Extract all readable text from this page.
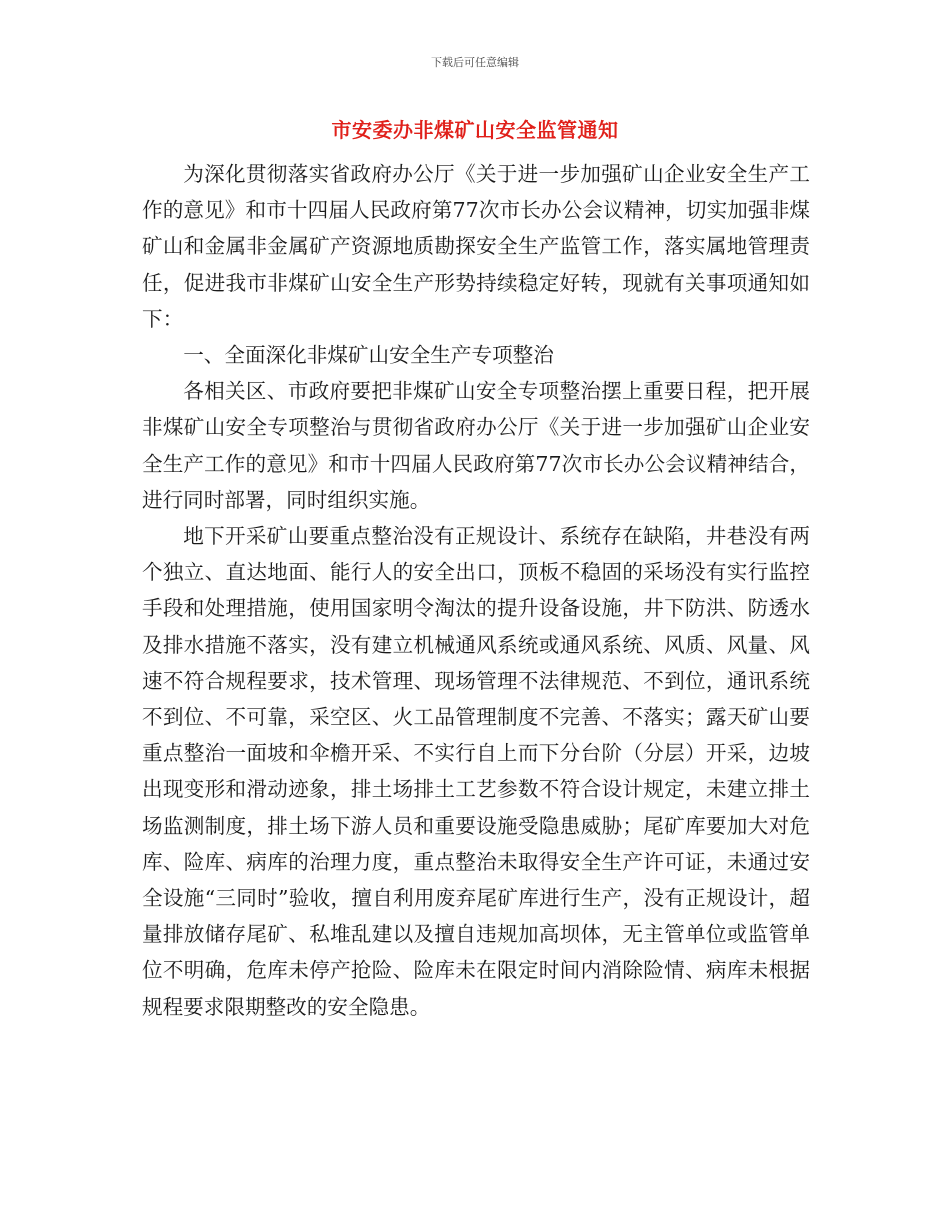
下载后可任意编辑
市安委办非煤矿山安全监管通知

为深化贯彻落实省政府办公厅《关于进一步加强矿山企业安全生产工作的意见》和市十四届人民政府第77次市长办公会议精神，切实加强非煤矿山和金属非金属矿产资源地质勘探安全生产监管工作，落实属地管理责任，促进我市非煤矿山安全生产形势持续稳定好转，现就有关事项通知如下：

一、全面深化非煤矿山安全生产专项整治

各相关区、市政府要把非煤矿山安全专项整治摆上重要日程，把开展非煤矿山安全专项整治与贯彻省政府办公厅《关于进一步加强矿山企业安全生产工作的意见》和市十四届人民政府第77次市长办公会议精神结合，进行同时部署，同时组织实施。

地下开采矿山要重点整治没有正规设计、系统存在缺陷，井巷没有两个独立、直达地面、能行人的安全出口，顶板不稳固的采场没有实行监控手段和处理措施，使用国家明令淘汰的提升设备设施，井下防洪、防透水及排水措施不落实，没有建立机械通风系统或通风系统、风质、风量、风速不符合规程要求，技术管理、现场管理不法律规范、不到位，通讯系统不到位、不可靠，采空区、火工品管理制度不完善、不落实；露天矿山要重点整治一面坡和伞檐开采、不实行自上而下分台阶（分层）开采，边坡出现变形和滑动迹象，排土场排土工艺参数不符合设计规定，未建立排土场监测制度，排土场下游人员和重要设施受隐患威胁；尾矿库要加大对危库、险库、病库的治理力度，重点整治未取得安全生产许可证，未通过安全设施“三同时”验收，擅自利用废弃尾矿库进行生产，没有正规设计，超量排放储存尾矿、私堆乱建以及擅自违规加高坝体，无主管单位或监管单位不明确，危库未停产抢险、险库未在限定时间内消除险情、病库未根据规程要求限期整改的安全隐患。
